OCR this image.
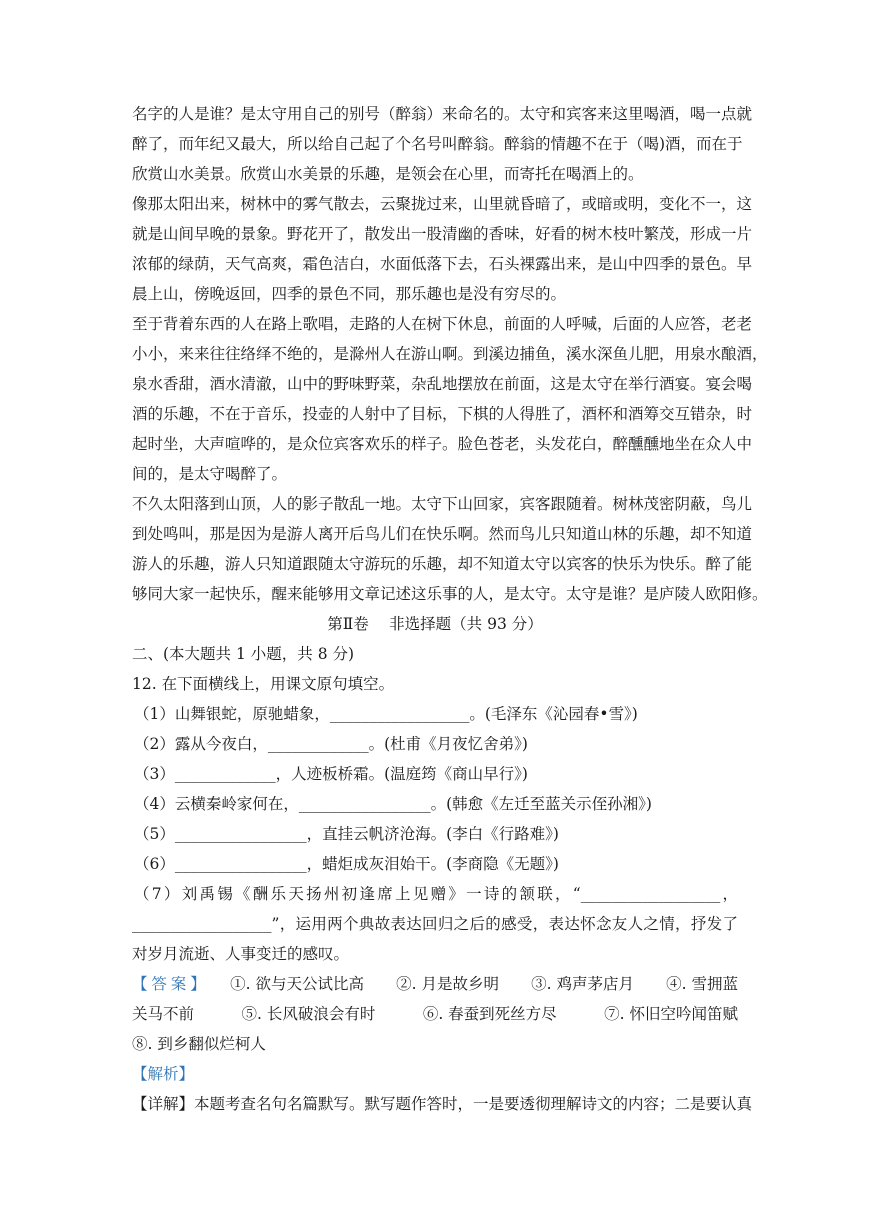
名字的人是谁？是太守用自己的别号（醉翁）来命名的。太守和宾客来这里喝酒，喝一点就
醉了，而年纪又最大，所以给自己起了个名号叫醉翁。醉翁的情趣不在于（喝)酒，而在于
欣赏山水美景。欣赏山水美景的乐趣，是领会在心里，而寄托在喝酒上的。
像那太阳出来，树林中的雾气散去，云聚拢过来，山里就昏暗了，或暗或明，变化不一，这
就是山间早晚的景象。野花开了，散发出一股清幽的香味，好看的树木枝叶繁茂，形成一片
浓郁的绿荫，天气高爽，霜色洁白，水面低落下去，石头裸露出来，是山中四季的景色。早
晨上山，傍晚返回，四季的景色不同，那乐趣也是没有穷尽的。
至于背着东西的人在路上歌唱，走路的人在树下休息，前面的人呼喊，后面的人应答，老老
小小，来来往往络绎不绝的，是滁州人在游山啊。到溪边捕鱼，溪水深鱼儿肥，用泉水酿酒，
泉水香甜，酒水清澈，山中的野味野菜，杂乱地摆放在前面，这是太守在举行酒宴。宴会喝
酒的乐趣，不在于音乐，投壶的人射中了目标，下棋的人得胜了，酒杯和酒筹交互错杂，时
起时坐，大声喧哗的，是众位宾客欢乐的样子。脸色苍老，头发花白，醉醺醺地坐在众人中
间的，是太守喝醉了。
不久太阳落到山顶，人的影子散乱一地。太守下山回家，宾客跟随着。树林茂密阴蔽，鸟儿
到处鸣叫，那是因为是游人离开后鸟儿们在快乐啊。然而鸟儿只知道山林的乐趣，却不知道
游人的乐趣，游人只知道跟随太守游玩的乐趣，却不知道太守以宾客的快乐为快乐。醉了能
够同大家一起快乐，醒来能够用文章记述这乐事的人，是太守。太守是谁？是庐陵人欧阳修。
第Ⅱ卷　 非选择题（共 93 分）
二、(本大题共 1 小题，共 8 分)
12. 在下面横线上，用课文原句填空。
（1）山舞银蛇，原驰蜡象，__________________。(毛泽东《沁园春•雪》)
（2）露从今夜白，_____________。(杜甫《月夜忆舍弟》)
（3）_____________，人迹板桥霜。(温庭筠《商山早行》)
（4）云横秦岭家何在，_________________。(韩愈《左迁至蓝关示侄孙湘》)
（5）_________________，直挂云帆济沧海。(李白《行路难》)
（6）_________________，蜡炬成灰泪始干。(李商隐《无题》)
（7）刘禹锡《酬乐天扬州初逢席上见赠》一诗的颔联，“__________________，
__________________”，运用两个典故表达回归之后的感受，表达怀念友人之情，抒发了
对岁月流逝、人事变迁的感叹。
【答案】　 ①. 欲与天公试比高　 ②. 月是故乡明　 ③. 鸡声茅店月　 ④. 雪拥蓝
关马不前　	⑤. 长风破浪会有时　	⑥. 春蚕到死丝方尽　	⑦. 怀旧空吟闻笛赋
⑧. 到乡翻似烂柯人
【解析】
【详解】本题考查名句名篇默写。默写题作答时，一是要透彻理解诗文的内容；二是要认真
